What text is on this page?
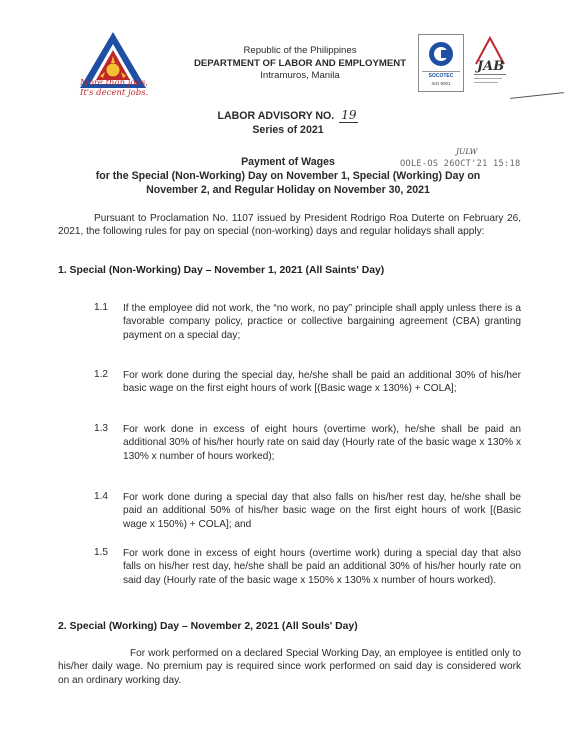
More than jobs,
It's decent jobs.
Republic of the Philippines
DEPARTMENT OF LABOR AND EMPLOYMENT
Intramuros, Manila	SOCOTEC
ISO 9001
JAB
LABOR ADVISORY NO. 19
Series of 2021
Payment of Wages
for the Special (Non-Working) Day on November 1, Special (Working) Day on
November 2, and Regular Holiday on November 30, 2021
JULW
OOLE-OS 26OCT'21 15:18
Pursuant to Proclamation No. 1107 issued by President Rodrigo Roa Duterte on February 26, 2021, the following rules for pay on special (non-working) days and regular holidays shall apply:
1. Special (Non-Working) Day – November 1, 2021 (All Saints' Day)
1.1 If the employee did not work, the “no work, no pay” principle shall apply unless there is a favorable company policy, practice or collective bargaining agreement (CBA) granting payment on a special day;
1.2 For work done during the special day, he/she shall be paid an additional 30% of his/her basic wage on the first eight hours of work [(Basic wage x 130%) + COLA];
1.3 For work done in excess of eight hours (overtime work), he/she shall be paid an additional 30% of his/her hourly rate on said day (Hourly rate of the basic wage x 130% x 130% x number of hours worked);
1.4 For work done during a special day that also falls on his/her rest day, he/she shall be paid an additional 50% of his/her basic wage on the first eight hours of work [(Basic wage x 150%) + COLA]; and
1.5 For work done in excess of eight hours (overtime work) during a special day that also falls on his/her rest day, he/she shall be paid an additional 30% of his/her hourly rate on said day (Hourly rate of the basic wage x 150% x 130% x number of hours worked).
2. Special (Working) Day – November 2, 2021 (All Souls' Day)
For work performed on a declared Special Working Day, an employee is entitled only to his/her daily wage. No premium pay is required since work performed on said day is considered work on an ordinary working day.
